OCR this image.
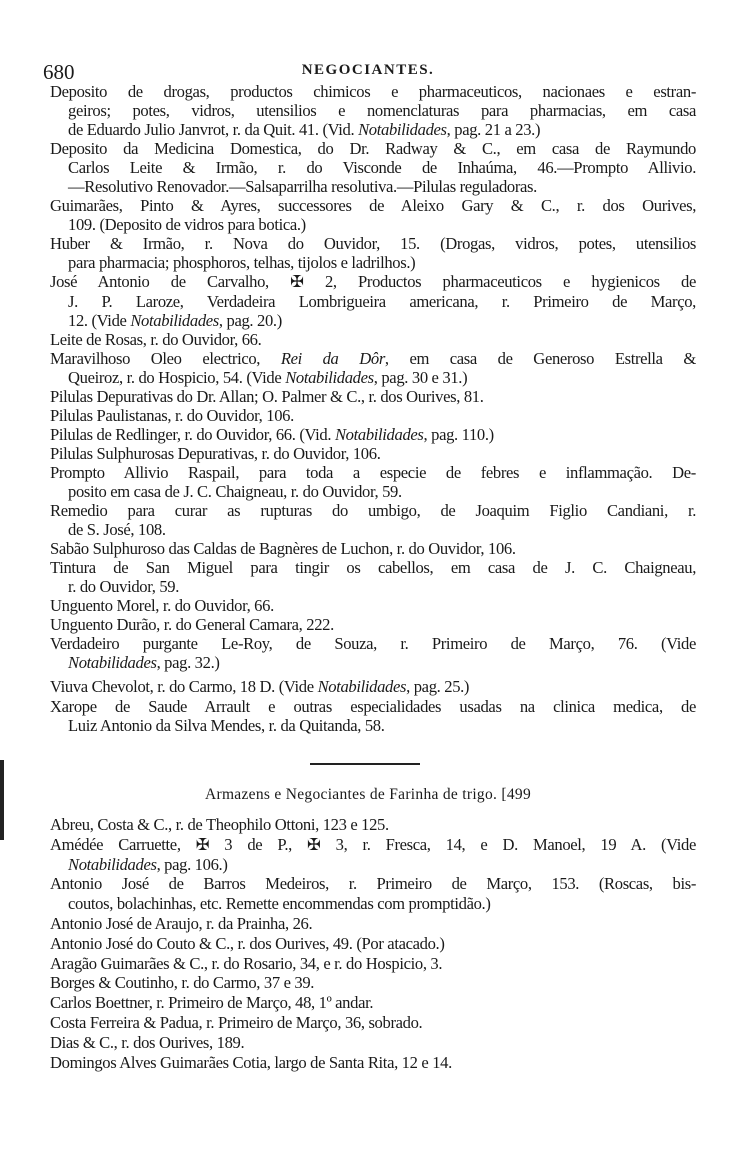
680	NEGOCIANTES.
Deposito de drogas, productos chimicos e pharmaceuticos, nacionaes e estran-
geiros; potes, vidros, utensilios e nomenclaturas para pharmacias, em casa
de Eduardo Julio Janvrot, r. da Quit. 41. (Vid. Notabilidades, pag. 21 a 23.)
Deposito da Medicina Domestica, do Dr. Radway & C., em casa de Raymundo
Carlos Leite & Irmão, r. do Visconde de Inhaúma, 46.—Prompto Allivio.
—Resolutivo Renovador.—Salsaparrilha resolutiva.—Pilulas reguladoras.
Guimarães, Pinto & Ayres, successores de Aleixo Gary & C., r. dos Ourives,
109. (Deposito de vidros para botica.)
Huber & Irmão, r. Nova do Ouvidor, 15. (Drogas, vidros, potes, utensilios
para pharmacia; phosphoros, telhas, tijolos e ladrilhos.)
José Antonio de Carvalho, ✠ 2, Productos pharmaceuticos e hygienicos de
J. P. Laroze, Verdadeira Lombrigueira americana, r. Primeiro de Março,
12. (Vide Notabilidades, pag. 20.)
Leite de Rosas, r. do Ouvidor, 66.
Maravilhoso Oleo electrico, Rei da Dôr, em casa de Generoso Estrella &
Queiroz, r. do Hospicio, 54. (Vide Notabilidades, pag. 30 e 31.)
Pilulas Depurativas do Dr. Allan; O. Palmer & C., r. dos Ourives, 81.
Pilulas Paulistanas, r. do Ouvidor, 106.
Pilulas de Redlinger, r. do Ouvidor, 66. (Vid. Notabilidades, pag. 110.)
Pilulas Sulphurosas Depurativas, r. do Ouvidor, 106.
Prompto Allivio Raspail, para toda a especie de febres e inflammação. De-
posito em casa de J. C. Chaigneau, r. do Ouvidor, 59.
Remedio para curar as rupturas do umbigo, de Joaquim Figlio Candiani, r.
de S. José, 108.
Sabão Sulphuroso das Caldas de Bagnères de Luchon, r. do Ouvidor, 106.
Tintura de San Miguel para tingir os cabellos, em casa de J. C. Chaigneau,
r. do Ouvidor, 59.
Unguento Morel, r. do Ouvidor, 66.
Unguento Durão, r. do General Camara, 222.
Verdadeiro purgante Le-Roy, de Souza, r. Primeiro de Março, 76. (Vide
Notabilidades, pag. 32.)
Viuva Chevolot, r. do Carmo, 18 D. (Vide Notabilidades, pag. 25.)
Xarope de Saude Arrault e outras especialidades usadas na clinica medica, de
Luiz Antonio da Silva Mendes, r. da Quitanda, 58.
Armazens e Negociantes de Farinha de trigo. [499
Abreu, Costa & C., r. de Theophilo Ottoni, 123 e 125.
Amédée Carruette, ✠ 3 de P., ✠ 3, r. Fresca, 14, e D. Manoel, 19 A. (Vide
Notabilidades, pag. 106.)
Antonio José de Barros Medeiros, r. Primeiro de Março, 153. (Roscas, bis-
coutos, bolachinhas, etc. Remette encommendas com promptidão.)
Antonio José de Araujo, r. da Prainha, 26.
Antonio José do Couto & C., r. dos Ourives, 49. (Por atacado.)
Aragão Guimarães & C., r. do Rosario, 34, e r. do Hospicio, 3.
Borges & Coutinho, r. do Carmo, 37 e 39.
Carlos Boettner, r. Primeiro de Março, 48, 1º andar.
Costa Ferreira & Padua, r. Primeiro de Março, 36, sobrado.
Dias & C., r. dos Ourives, 189.
Domingos Alves Guimarães Cotia, largo de Santa Rita, 12 e 14.
